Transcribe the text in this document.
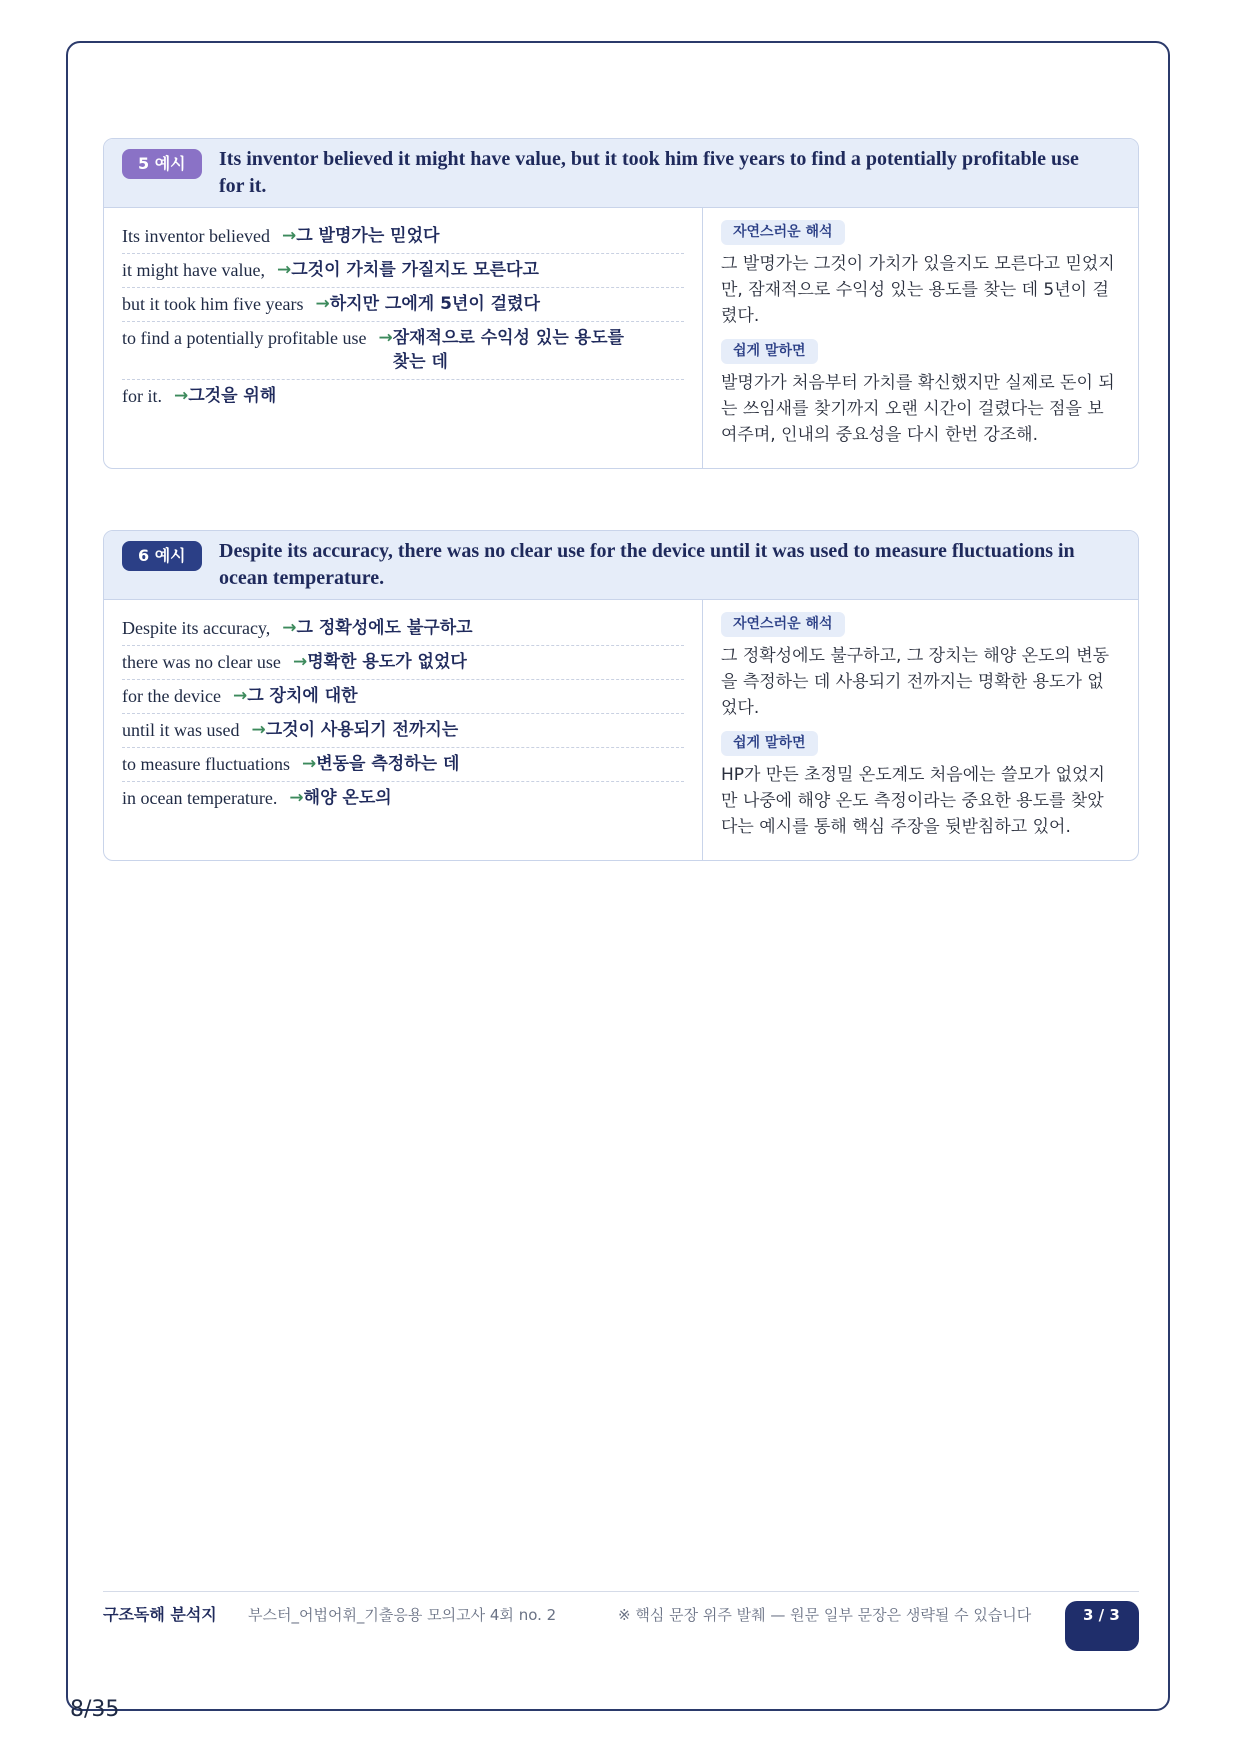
5 예시	Its inventor believed it might have value, but it took him five years to find a potentially profitable use for it.
Its inventor believed → 그 발명가는 믿었다
it might have value, → 그것이 가치를 가질지도 모른다고
but it took him five years → 하지만 그에게 5년이 걸렸다
to find a potentially profitable use → 잠재적으로 수익성 있는 용도를 찾는 데
for it. → 그것을 위해
자연스러운 해석
그 발명가는 그것이 가치가 있을지도 모른다고 믿었지만, 잠재적으로 수익성 있는 용도를 찾는 데 5년이 걸렸다.
쉽게 말하면
발명가가 처음부터 가치를 확신했지만 실제로 돈이 되는 쓰임새를 찾기까지 오랜 시간이 걸렸다는 점을 보여주며, 인내의 중요성을 다시 한번 강조해.
6 예시	Despite its accuracy, there was no clear use for the device until it was used to measure fluctuations in ocean temperature.
Despite its accuracy, → 그 정확성에도 불구하고
there was no clear use → 명확한 용도가 없었다
for the device → 그 장치에 대한
until it was used → 그것이 사용되기 전까지는
to measure fluctuations → 변동을 측정하는 데
in ocean temperature. → 해양 온도의
자연스러운 해석
그 정확성에도 불구하고, 그 장치는 해양 온도의 변동을 측정하는 데 사용되기 전까지는 명확한 용도가 없었다.
쉽게 말하면
HP가 만든 초정밀 온도계도 처음에는 쓸모가 없었지만 나중에 해양 온도 측정이라는 중요한 용도를 찾았다는 예시를 통해 핵심 주장을 뒷받침하고 있어.
구조독해 분석지	부스터_어법어휘_기출응용 모의고사 4회 no. 2	※ 핵심 문장 위주 발췌 — 원문 일부 문장은 생략될 수 있습니다	3 / 3
8/35
